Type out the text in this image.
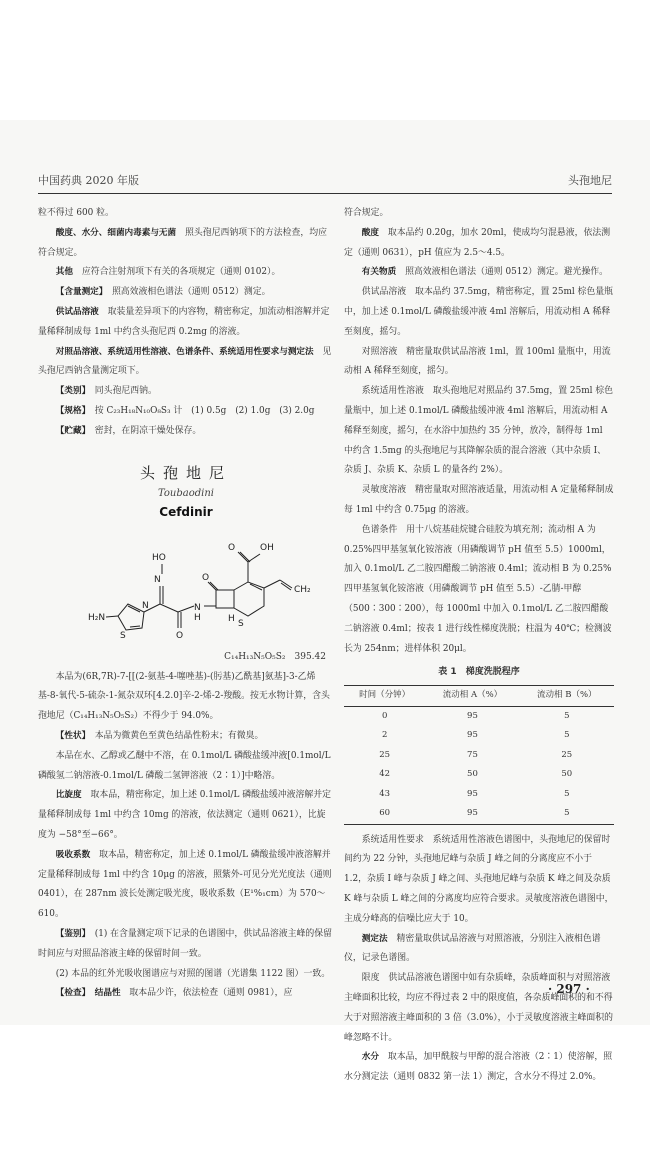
中国药典 2020 年版	头孢地尼

粒不得过 600 粒。

酸度、水分、细菌内毒素与无菌　 照头孢尼西钠项下的方法检查，均应符合规定。

其他　 应符合注射剂项下有关的各项规定（通则 0102）。

【含量测定】　 照高效液相色谱法（通则 0512）测定。

供试品溶液　 取装量差异项下的内容物，精密称定，加流动相溶解并定量稀释制成每 1ml 中约含头孢尼西 0.2mg 的溶液。

对照品溶液、系统适用性溶液、色谱条件、系统适用性要求与测定法　 见头孢尼西钠含量测定项下。

【类别】　 同头孢尼西钠。

【规格】　 按 C₂₃H₁₈N₁₀O₈S₃ 计　(1) 0.5g　(2) 1.0g　(3) 2.0g

【贮藏】　 密封，在阴凉干燥处保存。

头孢地尼
Toubaodini
Cefdinir
H₂N
S
N
N
HO
O
N
H
O
H S
O	OH
CH₂
C₁₄H₁₃N₅O₅S₂　395.42

本品为(6R,7R)-7-[[(2-氨基-4-噻唑基)-(肟基)乙酰基]氨基]-3-乙烯基-8-氧代-5-硫杂-1-氮杂双环[4.2.0]辛-2-烯-2-羧酸。按无水物计算，含头孢地尼（C₁₄H₁₃N₅O₅S₂）不得少于 94.0%。

【性状】　 本品为微黄色至黄色结晶性粉末；有微臭。

本品在水、乙醇或乙醚中不溶，在 0.1mol/L 磷酸盐缓冲液[0.1mol/L 磷酸氢二钠溶液-0.1mol/L 磷酸二氢钾溶液（2∶1）]中略溶。

比旋度　 取本品，精密称定，加上述 0.1mol/L 磷酸盐缓冲液溶解并定量稀释制成每 1ml 中约含 10mg 的溶液，依法测定（通则 0621），比旋度为 −58°至−66°。

吸收系数　 取本品，精密称定，加上述 0.1mol/L 磷酸盐缓冲液溶解并定量稀释制成每 1ml 中约含 10μg 的溶液，照紫外-可见分光光度法（通则 0401），在 287nm 波长处测定吸光度，吸收系数（E¹%₁cm）为 570～610。

【鉴别】　 (1) 在含量测定项下记录的色谱图中，供试品溶液主峰的保留时间应与对照品溶液主峰的保留时间一致。

(2) 本品的红外光吸收图谱应与对照的图谱（光谱集 1122 图）一致。

【检查】　 结晶性　 取本品少许，依法检查（通则 0981），应

符合规定。

酸度　 取本品约 0.20g，加水 20ml，使成均匀混悬液，依法测定（通则 0631），pH 值应为 2.5～4.5。

有关物质　 照高效液相色谱法（通则 0512）测定。避光操作。

供试品溶液　 取本品约 37.5mg，精密称定，置 25ml 棕色量瓶中，加上述 0.1mol/L 磷酸盐缓冲液 4ml 溶解后，用流动相 A 稀释至刻度，摇匀。

对照溶液　 精密量取供试品溶液 1ml，置 100ml 量瓶中，用流动相 A 稀释至刻度，摇匀。

系统适用性溶液　 取头孢地尼对照品约 37.5mg，置 25ml 棕色量瓶中，加上述 0.1mol/L 磷酸盐缓冲液 4ml 溶解后，用流动相 A 稀释至刻度，摇匀，在水浴中加热约 35 分钟，放冷，制得每 1ml 中约含 1.5mg 的头孢地尼与其降解杂质的混合溶液（其中杂质 I、杂质 J、杂质 K、杂质 L 的量各约 2%）。

灵敏度溶液　 精密量取对照溶液适量，用流动相 A 定量稀释制成每 1ml 中约含 0.75μg 的溶液。

色谱条件　 用十八烷基硅烷键合硅胶为填充剂；流动相 A 为 0.25%四甲基氢氧化铵溶液（用磷酸调节 pH 值至 5.5）1000ml，加入 0.1mol/L 乙二胺四醋酸二钠溶液 0.4ml；流动相 B 为 0.25%四甲基氢氧化铵溶液（用磷酸调节 pH 值至 5.5）-乙腈-甲醇（500∶300∶200），每 1000ml 中加入 0.1mol/L 乙二胺四醋酸二钠溶液 0.4ml；按表 1 进行线性梯度洗脱；柱温为 40℃；检测波长为 254nm；进样体积 20μl。

表 1　梯度洗脱程序
时间（分钟）	流动相 A（%）	流动相 B（%）
0	95	5
2	95	5
25	75	25
42	50	50
43	95	5
60	95	5

系统适用性要求　 系统适用性溶液色谱图中，头孢地尼的保留时间约为 22 分钟，头孢地尼峰与杂质 J 峰之间的分离度应不小于 1.2，杂质 I 峰与杂质 J 峰之间、头孢地尼峰与杂质 K 峰之间及杂质 K 峰与杂质 L 峰之间的分离度均应符合要求。灵敏度溶液色谱图中，主成分峰高的信噪比应大于 10。

测定法　 精密量取供试品溶液与对照溶液，分别注入液相色谱仪，记录色谱图。

限度　 供试品溶液色谱图中如有杂质峰，杂质峰面积与对照溶液主峰面积比较，均应不得过表 2 中的限度值，各杂质峰面积的和不得大于对照溶液主峰面积的 3 倍（3.0%），小于灵敏度溶液主峰面积的峰忽略不计。

水分　 取本品，加甲酰胺与甲醇的混合溶液（2∶1）使溶解，照水分测定法（通则 0832 第一法 1）测定，含水分不得过 2.0%。

· 297 ·
